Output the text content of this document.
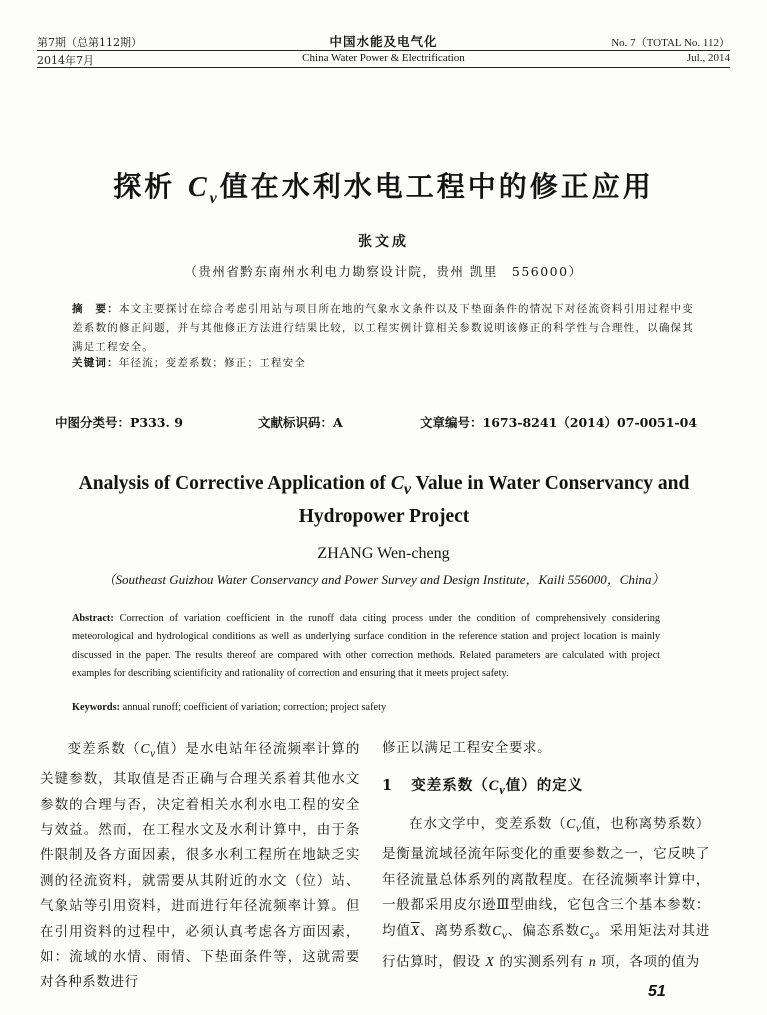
第7期（总第112期）	中国水能及电气化	No. 7（TOTAL No. 112）
2014年7月	China Water Power & Electrification	Jul., 2014
探析 $C_v$值在水利水电工程中的修正应用
张文成
（贵州省黔东南州水利电力勘察设计院，贵州 凯里　556000）
摘　要：本文主要探讨在综合考虑引用站与项目所在地的气象水文条件以及下垫面条件的情况下对径流资料引用过程中变差系数的修正问题，并与其他修正方法进行结果比较，以工程实例计算相关参数说明该修正的科学性与合理性，以确保其满足工程安全。
关键词：年径流；变差系数；修正；工程安全
中图分类号：P333. 9	文献标识码：A	文章编号：1673-8241（2014）07-0051-04
Analysis of Corrective Application of $C_v$ Value in Water Conservancy and
Hydropower Project
ZHANG Wen-cheng
（Southeast Guizhou Water Conservancy and Power Survey and Design Institute，Kaili 556000，China）
Abstract: Correction of variation coefficient in the runoff data citing process under the condition of comprehensively considering meteorological and hydrological conditions as well as underlying surface condition in the reference station and project location is mainly discussed in the paper. The results thereof are compared with other correction methods. Related parameters are calculated with project examples for describing scientificity and rationality of correction and ensuring that it meets project safety.
Keywords: annual runoff; coefficient of variation; correction; project safety
变差系数（$C_v$值）是水电站年径流频率计算的关键参数，其取值是否正确与合理关系着其他水文参数的合理与否，决定着相关水利水电工程的安全与效益。然而，在工程水文及水利计算中，由于条件限制及各方面因素，很多水利工程所在地缺乏实测的径流资料，就需要从其附近的水文（位）站、气象站等引用资料，进而进行年径流频率计算。但在引用资料的过程中，必须认真考虑各方面因素，如：流域的水情、雨情、下垫面条件等，这就需要对各种系数进行
修正以满足工程安全要求。
1 变差系数（$C_v$值）的定义
在水文学中，变差系数（$C_v$值，也称离势系数）是衡量流域径流年际变化的重要参数之一，它反映了年径流量总体系列的离散程度。在径流频率计算中，一般都采用皮尔逊Ⅲ型曲线，它包含三个基本参数：均值$\overline{X}$、离势系数$C_v$、偏态系数$C_s$。采用矩法对其进行估算时，假设 X 的实测系列有 n 项，各项的值为
51
